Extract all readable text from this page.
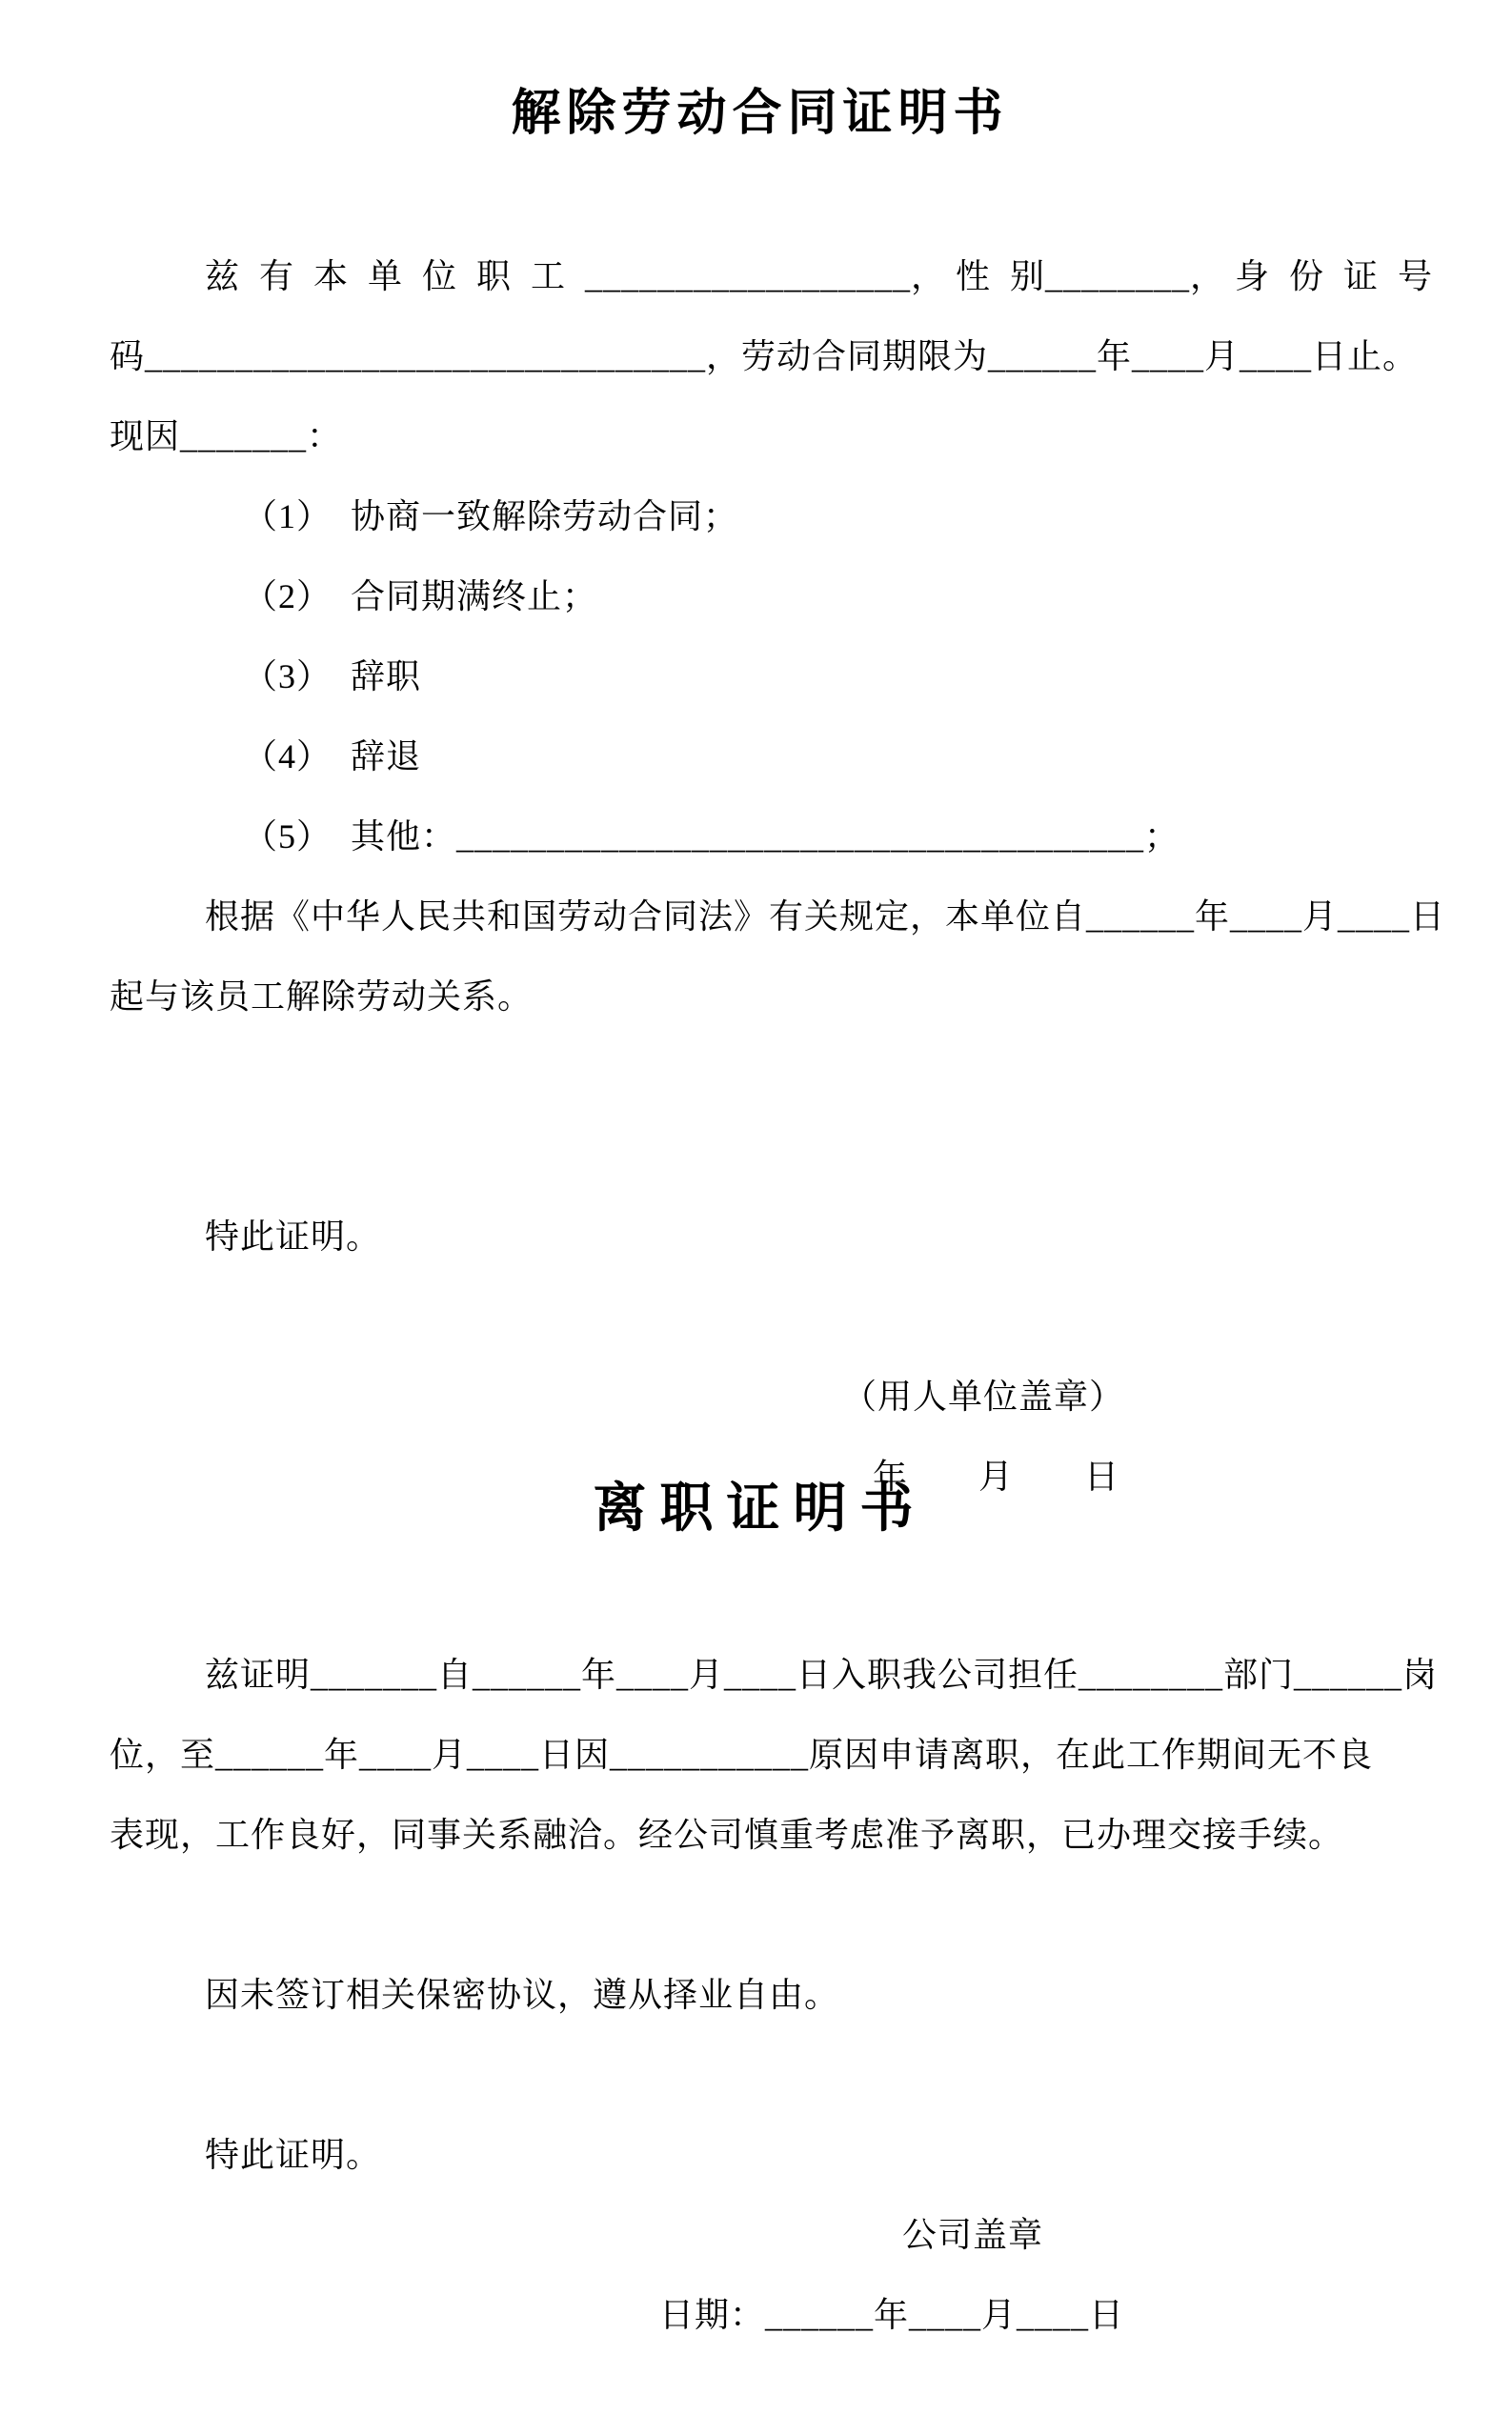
解除劳动合同证明书
兹  有  本  单  位  职  工  __________________， 性  别________， 身  份  证  号
码_______________________________，劳动合同期限为______年____月____日止。
现因_______：
（1）  协商一致解除劳动合同；
（2）  合同期满终止；
（3）  辞职
（4）  辞退
（5）  其他：______________________________________；
根据《中华人民共和国劳动合同法》有关规定，本单位自______年____月____日
起与该员工解除劳动关系。
特此证明。
（用人单位盖章）
年　　月　　日
离职证明书
兹证明_______自______年____月____日入职我公司担任________部门______岗
位，至______年____月____日因___________原因申请离职，在此工作期间无不良
表现，工作良好，同事关系融洽。经公司慎重考虑准予离职，已办理交接手续。
因未签订相关保密协议，遵从择业自由。
特此证明。
公司盖章
日期：______年____月____日
